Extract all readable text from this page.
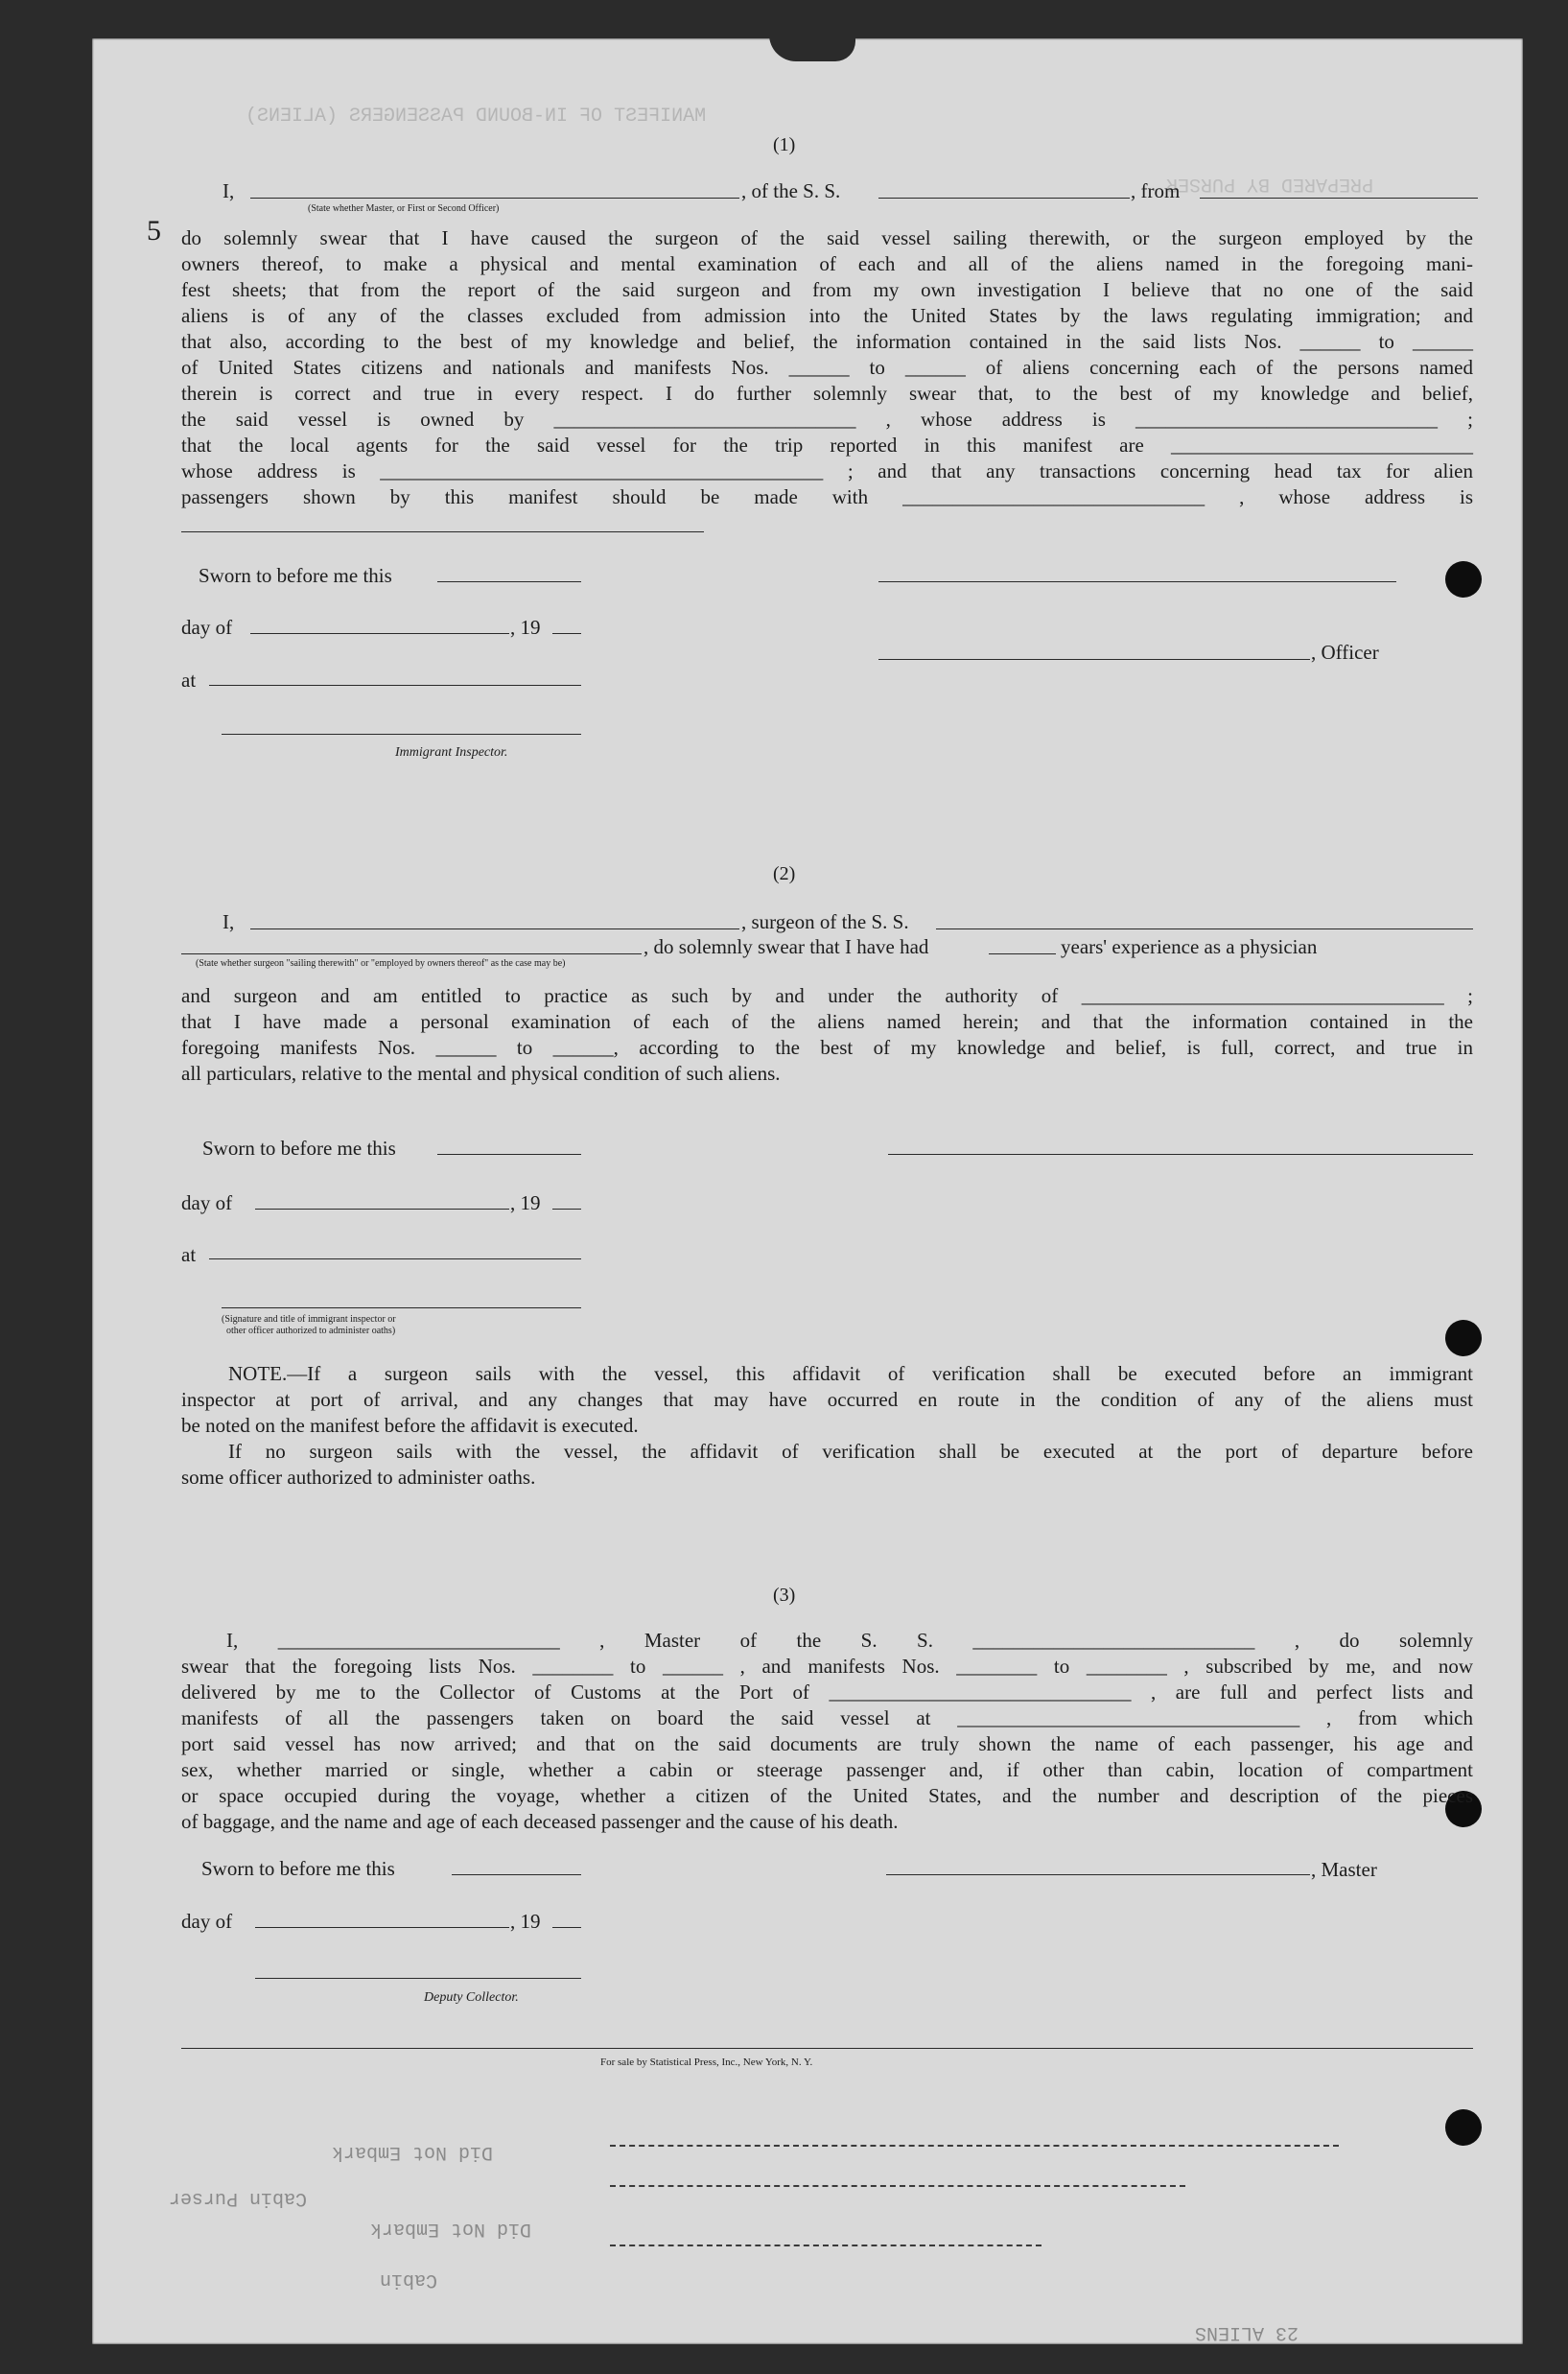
MANIFEST OF IN-BOUND PASSENGERS (ALIENS)
PREPARED BY PURSER
Cabin Purser
Did Not Embark
Did Not Embark
Cabin
23 ALIENS
(1)
I,
(State whether Master, or First or Second Officer)
, of the S. S.	, from
5 do solemnly swear that I have caused the surgeon of the said vessel sailing therewith, or the surgeon employed by the
owners thereof, to make a physical and mental examination of each and all of the aliens named in the foregoing mani-
fest sheets; that from the report of the said surgeon and from my own investigation I believe that no one of the said
aliens is of any of the classes excluded from admission into the United States by the laws regulating immigration; and
that also, according to the best of my knowledge and belief, the information contained in the said lists Nos. ______ to ______
of United States citizens and nationals and manifests Nos. ______ to ______ of aliens concerning each of the persons named
therein is correct and true in every respect. I do further solemnly swear that, to the best of my knowledge and belief,
the said vessel is owned by ______________________________ , whose address is ______________________________ ;
that the local agents for the said vessel for the trip reported in this manifest are ______________________________
whose address is ____________________________________________ ; and that any transactions concerning head tax for alien
passengers shown by this manifest should be made with ______________________________ , whose address is
Sworn to before me this
day of	, 19
at
Immigrant Inspector.
, Officer
(2)
I,	, surgeon of the S. S.
, do solemnly swear that I have had	years' experience as a physician
(State whether surgeon "sailing therewith" or "employed by owners thereof" as the case may be)
and surgeon and am entitled to practice as such by and under the authority of ____________________________________ ;
that I have made a personal examination of each of the aliens named herein; and that the information contained in the
foregoing manifests Nos. ______ to ______, according to the best of my knowledge and belief, is full, correct, and true in
all particulars, relative to the mental and physical condition of such aliens.
Sworn to before me this
day of	, 19
at
(Signature and title of immigrant inspector or
other officer authorized to administer oaths)
NOTE.—If a surgeon sails with the vessel, this affidavit of verification shall be executed before an immigrant
inspector at port of arrival, and any changes that may have occurred en route in the condition of any of the aliens must
be noted on the manifest before the affidavit is executed.
If no surgeon sails with the vessel, the affidavit of verification shall be executed at the port of departure before
some officer authorized to administer oaths.
(3)
I, ____________________________ , Master of the S. S. ____________________________ , do solemnly
swear that the foregoing lists Nos. ________ to ______ , and manifests Nos. ________ to ________ , subscribed by me, and now
delivered by me to the Collector of Customs at the Port of ______________________________ , are full and perfect lists and
manifests of all the passengers taken on board the said vessel at __________________________________ , from which
port said vessel has now arrived; and that on the said documents are truly shown the name of each passenger, his age and
sex, whether married or single, whether a cabin or steerage passenger and, if other than cabin, location of compartment
or space occupied during the voyage, whether a citizen of the United States, and the number and description of the pieces
of baggage, and the name and age of each deceased passenger and the cause of his death.
Sworn to before me this	, Master
day of	, 19
Deputy Collector.
For sale by Statistical Press, Inc., New York, N. Y.
